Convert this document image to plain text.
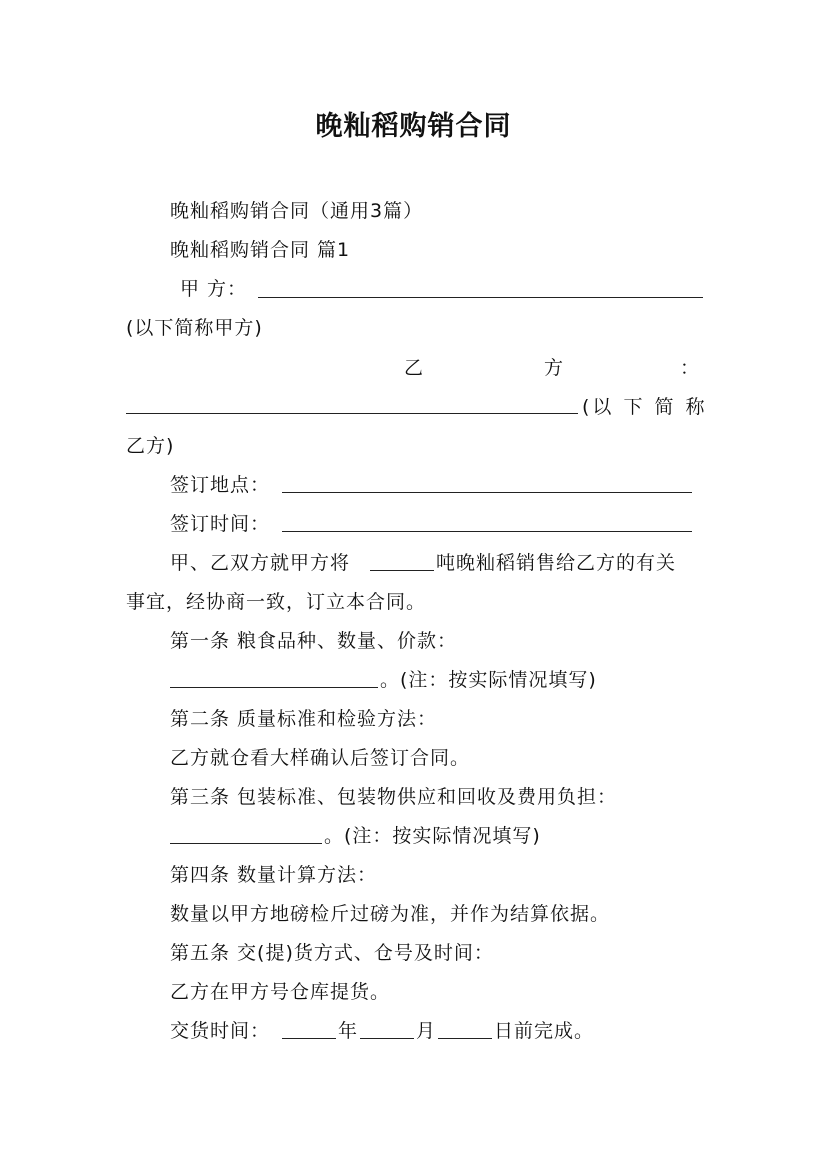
晚籼稻购销合同
晚籼稻购销合同（通用3篇）
晚籼稻购销合同 篇1
甲 方：
(以下简称甲方)
乙	方	：
(以 下 简 称
乙方)
签订地点：
签订时间：
甲、乙双方就甲方将	吨晚籼稻销售给乙方的有关
事宜，经协商一致，订立本合同。
第一条 粮食品种、数量、价款：
。(注：按实际情况填写)
第二条 质量标准和检验方法：
乙方就仓看大样确认后签订合同。
第三条 包装标准、包装物供应和回收及费用负担：
。(注：按实际情况填写)
第四条 数量计算方法：
数量以甲方地磅检斤过磅为准，并作为结算依据。
第五条 交(提)货方式、仓号及时间：
乙方在甲方号仓库提货。
交货时间：	年	月	日前完成。
